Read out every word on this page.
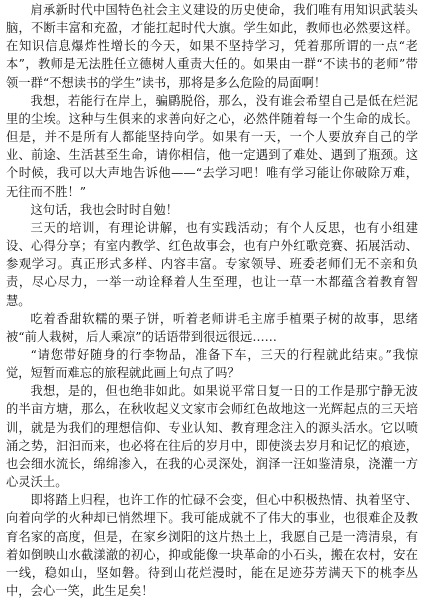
肩承新时代中国特色社会主义建设的历史使命，我们唯有用知识武装头脑，不断丰富和充盈，才能扛起时代大旗。学生如此，教师也必然要这样。在知识信息爆炸性增长的今天，如果不坚持学习，凭着那所谓的一点“老本”，教师是无法胜任立德树人重责大任的。如果由一群“不读书的老师”带领一群“不想读书的学生”读书，那将是多么危险的局面啊！

我想，若能行在岸上，骗鹛脱俗，那么，没有谁会希望自己是低在烂泥里的尘埃。这种与生俱来的求善向好之心，必然伴随着每一个生命的成长。但是，并不是所有人都能坚持向学。如果有一天，一个人要放弃自己的学业、前途、生活甚至生命，请你相信，他一定遇到了难处、遇到了瓶颈。这个时候，我可以大声地告诉他——“去学习吧！唯有学习能让你破除万难，无往而不胜！”

这句话，我也会时时自勉！

三天的培训，有理论讲解，也有实践活动；有个人反思，也有小组建设、心得分享；有室内教学、红色故事会，也有户外红歌竞赛、拓展活动、参观学习。真正形式多样、内容丰富。专家领导、班委老师们无不亲和负责，尽心尽力，一举一动诠释着人生至理，也让一草一木都蕴含着教育智慧。

吃着香甜软糯的栗子饼，听着老师讲毛主席手植栗子树的故事，思绪被“前人栽树，后人乘凉”的话语带到很远很远……

“请您带好随身的行李物品，准备下车，三天的行程就此结束。”我惊觉，短暂而难忘的旅程就此画上句点了吗？

我想，是的，但也绝非如此。如果说平常日复一日的工作是那宁静无波的半亩方塘，那么，在秋收起义文家市会师红色故地这一光辉起点的三天培训，就是为我们的理想信仰、专业认知、教育理念注入的源头活水。它以喷涌之势，汩汩而来，也必将在往后的岁月中，即使淡去岁月和记忆的痕迹，也会细水流长，绵绵渗入，在我的心灵深处，润泽一汪如鉴清泉，浇灌一方心灵沃土。

即将踏上归程，也许工作的忙碌不会变，但心中积极热情、执着坚守、向着向学的火种却已悄然埋下。我可能成就不了伟大的事业，也很难企及教育名家的高度，但是，在家乡浏阳的这片热土上，我愿自己是一湾清泉，有着如倒映山水截漾澈的初心，抑或能像一块革命的小石头，搬在农村，安在一线，稳如山，坚如磐。待到山花烂漫时，能在足迹芬芳满天下的桃李丛中，会心一笑，此生足矣！
